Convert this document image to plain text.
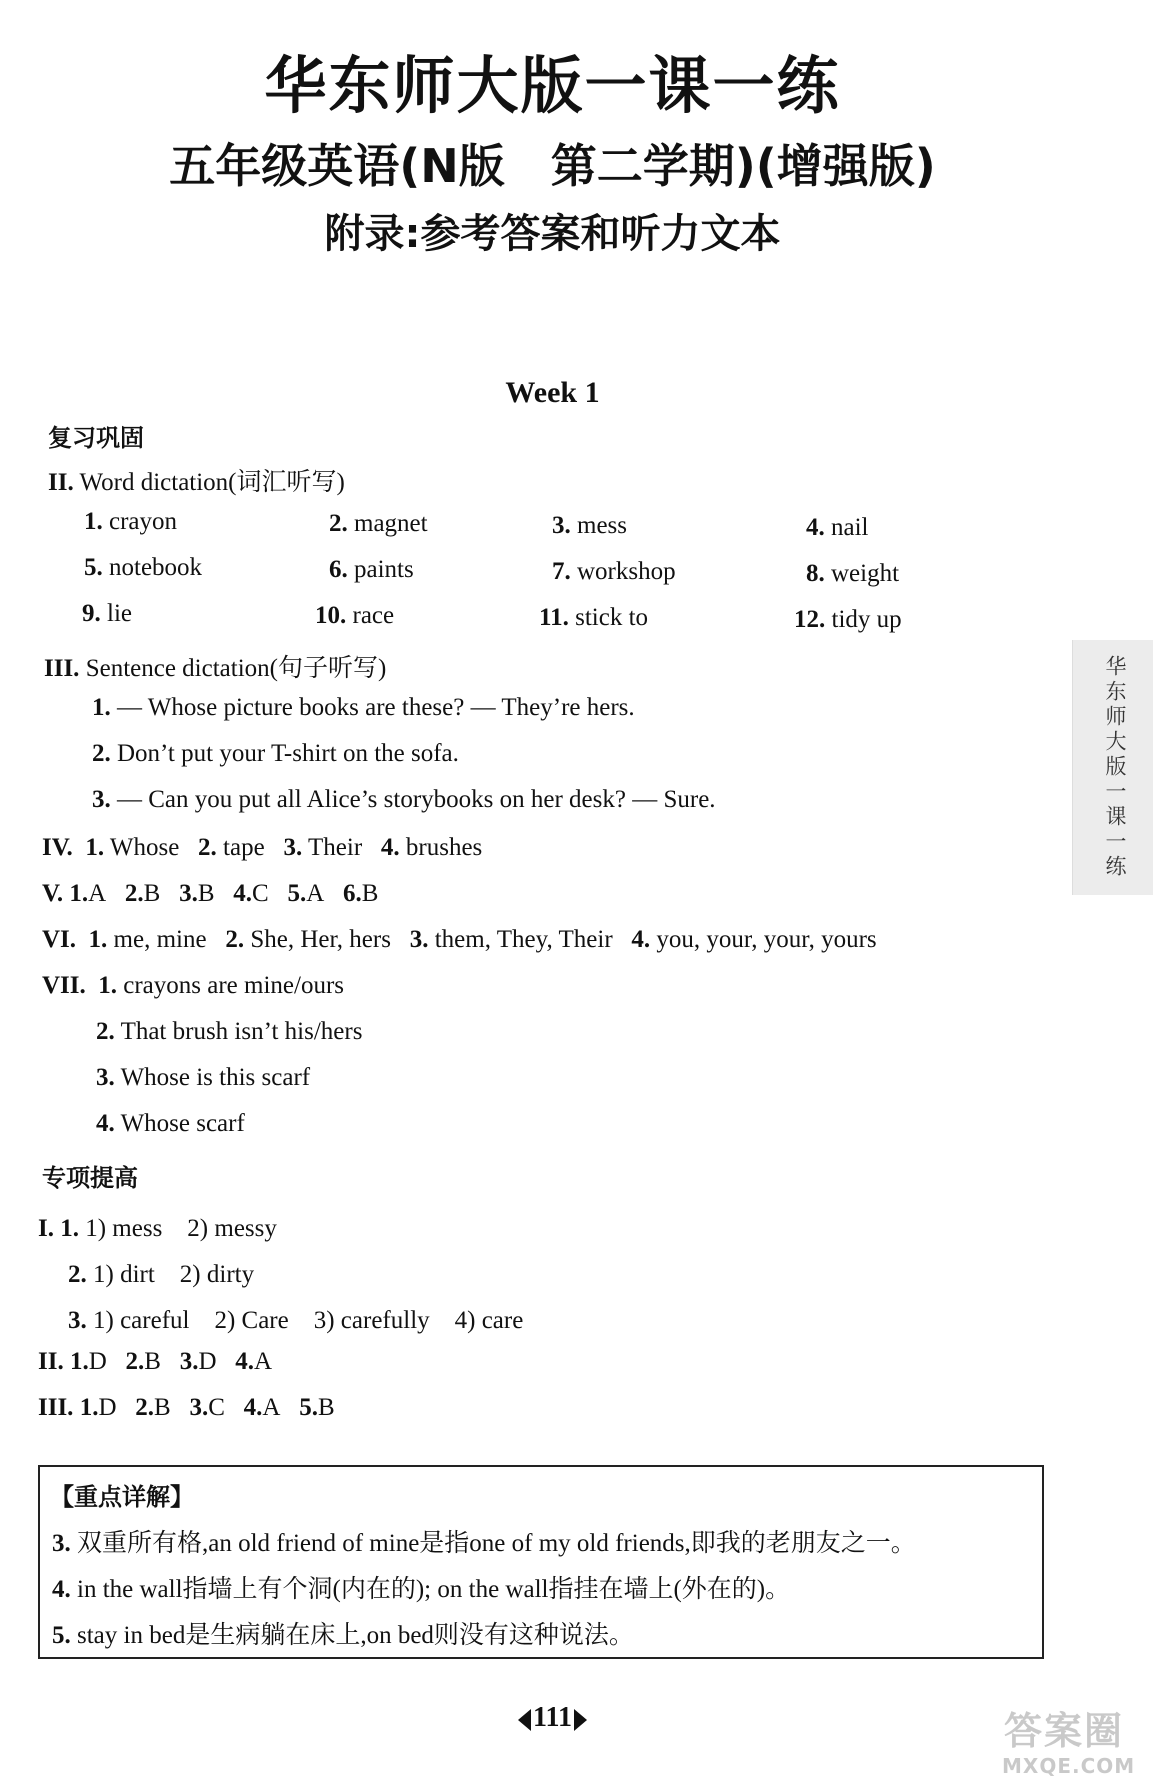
华东师大版一课一练
五年级英语(N版　第二学期)(增强版)
附录:参考答案和听力文本
Week 1
复习巩固
II. Word dictation(词汇听写)
1. crayon	2. magnet	3. mess	4. nail
5. notebook	6. paints	7. workshop	8. weight
9. lie	10. race	11. stick to	12. tidy up
III. Sentence dictation(句子听写)
1. — Whose picture books are these? — They’re hers.
2. Don’t put your T-shirt on the sofa.
3. — Can you put all Alice’s storybooks on her desk? — Sure.
IV. 1. Whose 2. tape 3. Their 4. brushes
V. 1.A 2.B 3.B 4.C 5.A 6.B
VI. 1. me, mine 2. She, Her, hers 3. them, They, Their 4. you, your, your, yours
VII. 1. crayons are mine/ours
2. That brush isn’t his/hers
3. Whose is this scarf
4. Whose scarf
专项提高
I. 1. 1) mess　2) messy
2. 1) dirt　2) dirty
3. 1) careful　2) Care　3) carefully　4) care
II. 1.D 2.B 3.D 4.A
III. 1.D 2.B 3.C 4.A 5.B
【重点详解】
3. 双重所有格,an old friend of mine是指one of my old friends,即我的老朋友之一。
4. in the wall指墙上有个洞(内在的); on the wall指挂在墙上(外在的)。
5. stay in bed是生病躺在床上,on bed则没有这种说法。
华东师大版一课一练
111	答案圈
MXQE.COM
